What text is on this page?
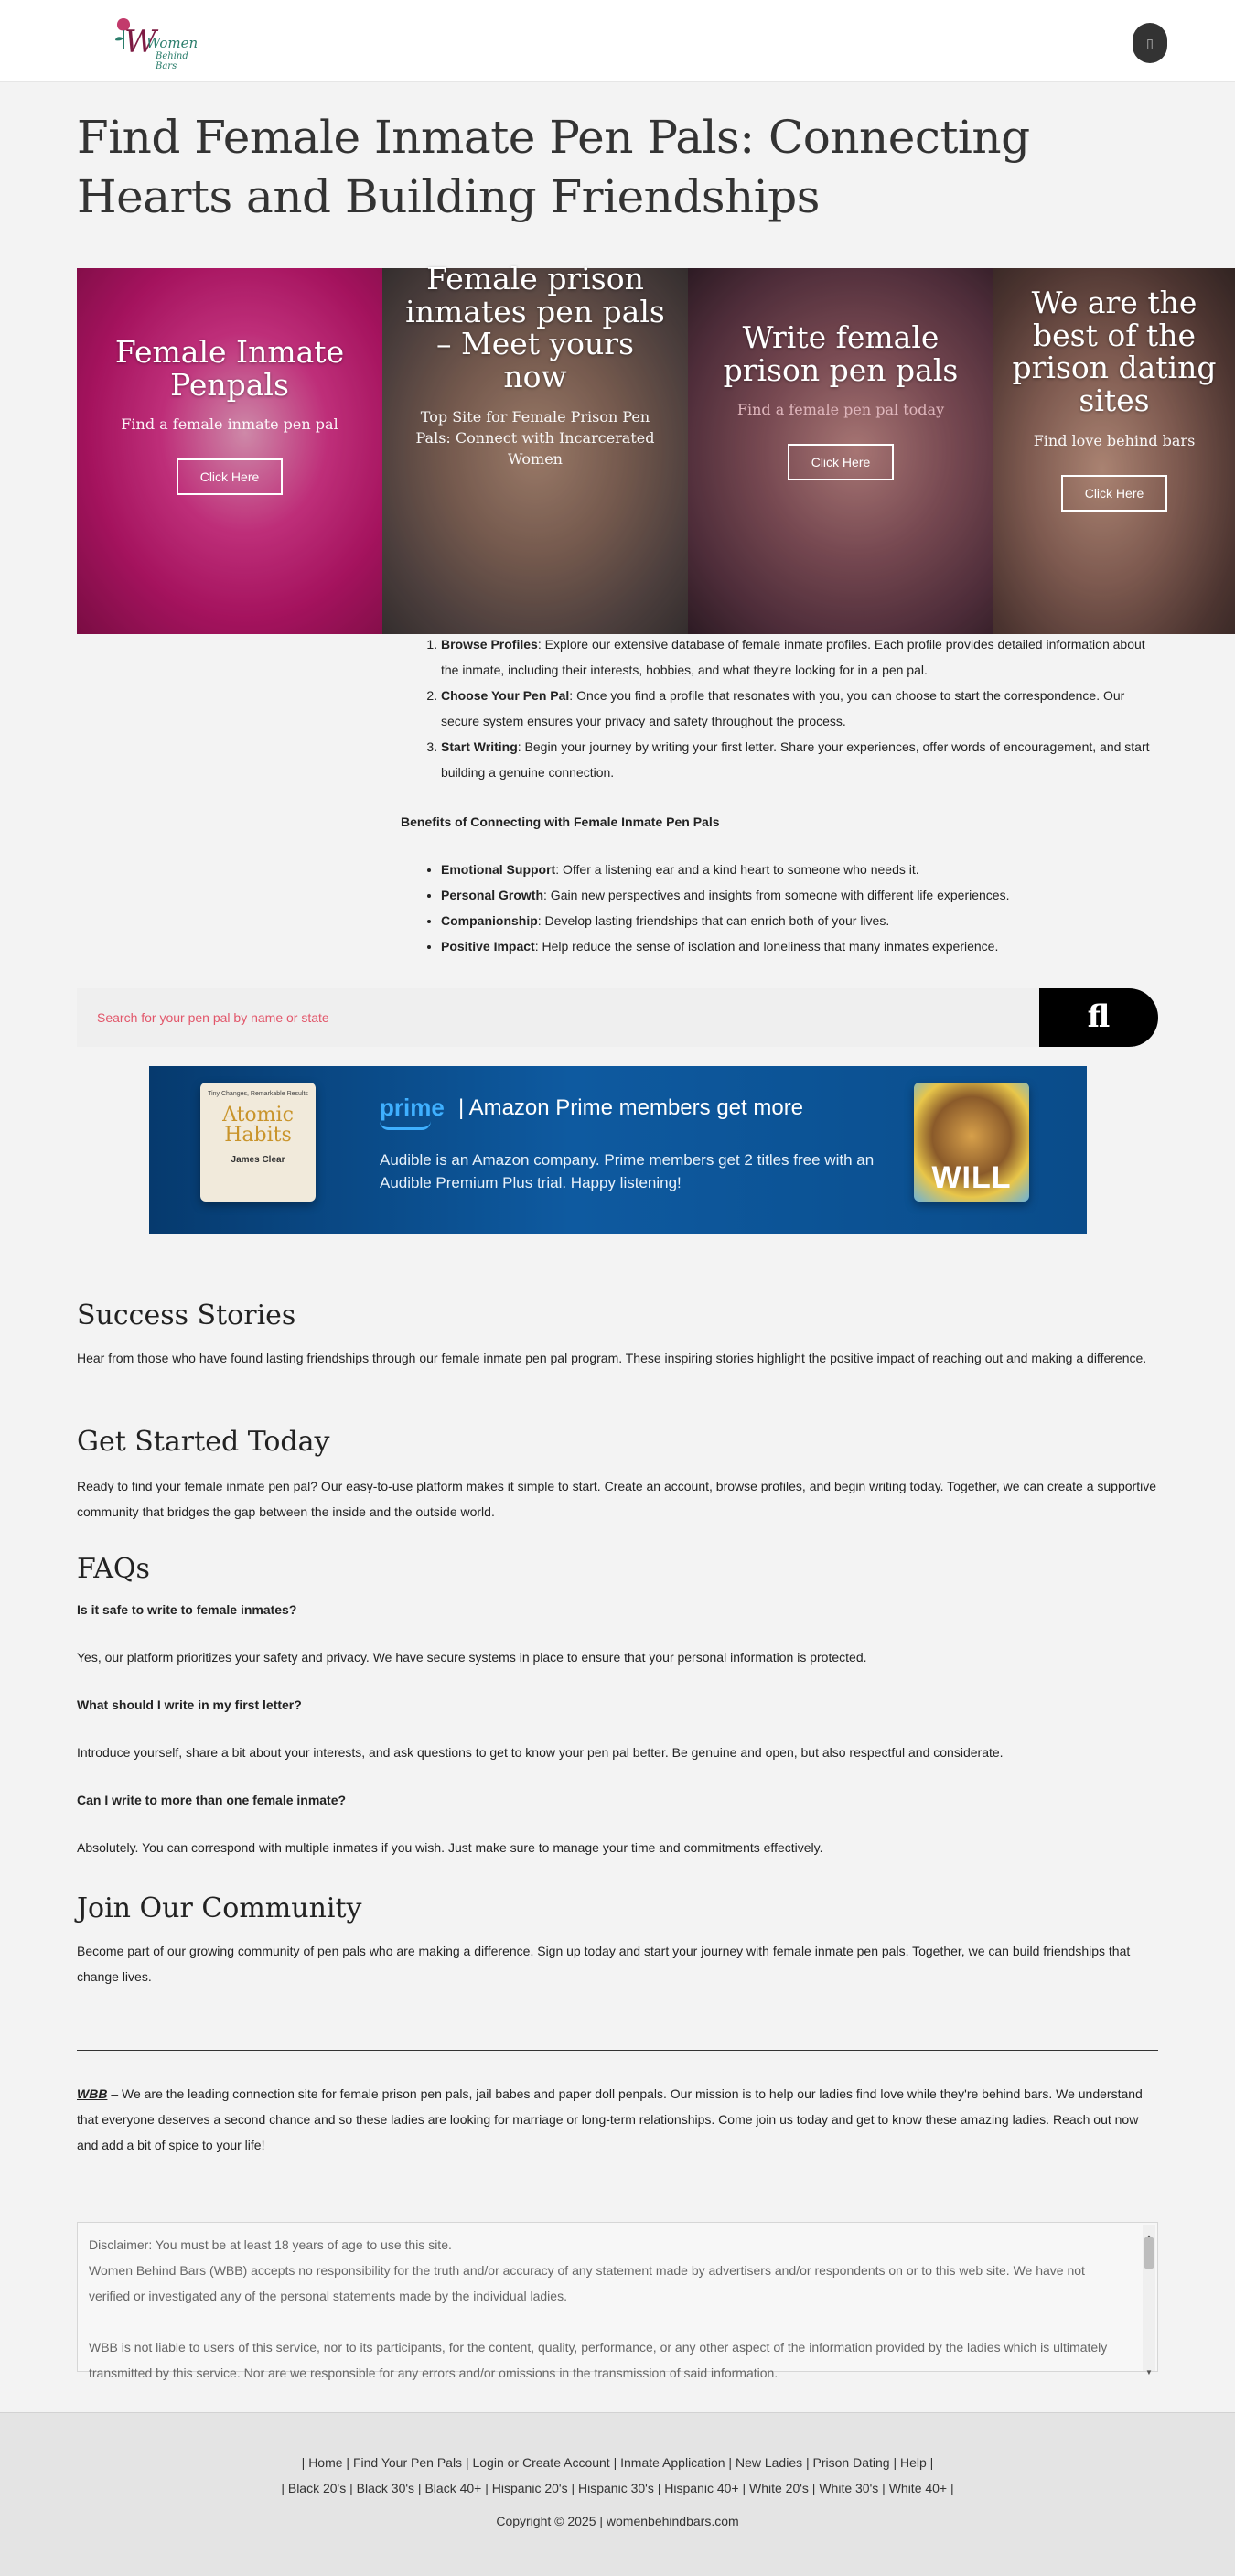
W
Women
Behind Bars
▯
Find Female Inmate Pen Pals: Connecting Hearts and Building Friendships
Female Inmate Penpals

Find a female inmate pen pal

Click Here
Female prison inmates pen pals – Meet yours now

Top Site for Female Prison Pen Pals: Connect with Incarcerated Women

Write female prison pen pals

Find a female pen pal today

Click Here
We are the best of the prison dating sites

Find love behind bars

Click Here
1. Browse Profiles: Explore our extensive database of female inmate profiles. Each profile provides detailed information about the inmate, including their interests, hobbies, and what they're looking for in a pen pal.
2. Choose Your Pen Pal: Once you find a profile that resonates with you, you can choose to start the correspondence. Our secure system ensures your privacy and safety throughout the process.
3. Start Writing: Begin your journey by writing your first letter. Share your experiences, offer words of encouragement, and start building a genuine connection.
Benefits of Connecting with Female Inmate Pen Pals
• Emotional Support: Offer a listening ear and a kind heart to someone who needs it.
• Personal Growth: Gain new perspectives and insights from someone with different life experiences.
• Companionship: Develop lasting friendships that can enrich both of your lives.
• Positive Impact: Help reduce the sense of isolation and loneliness that many inmates experience.
Search for your pen pal by name or state
fl
Tiny Changes, Remarkable Results
Atomic Habits
James Clear
prime | Amazon Prime members get more
Audible is an Amazon company. Prime members get 2 titles free with an Audible Premium Plus trial. Happy listening!	WILL
Success Stories

Hear from those who have found lasting friendships through our female inmate pen pal program. These inspiring stories highlight the positive impact of reaching out and making a difference.

Get Started Today

Ready to find your female inmate pen pal? Our easy-to-use platform makes it simple to start. Create an account, browse profiles, and begin writing today. Together, we can create a supportive community that bridges the gap between the inside and the outside world.

FAQs
Is it safe to write to female inmates?
Yes, our platform prioritizes your safety and privacy. We have secure systems in place to ensure that your personal information is protected.
What should I write in my first letter?
Introduce yourself, share a bit about your interests, and ask questions to get to know your pen pal better. Be genuine and open, but also respectful and considerate.
Can I write to more than one female inmate?
Absolutely. You can correspond with multiple inmates if you wish. Just make sure to manage your time and commitments effectively.
Join Our Community

Become part of our growing community of pen pals who are making a difference. Sign up today and start your journey with female inmate pen pals. Together, we can build friendships that change lives.

WBB – We are the leading connection site for female prison pen pals, jail babes and paper doll penpals. Our mission is to help our ladies find love while they're behind bars. We understand that everyone deserves a second chance and so these ladies are looking for marriage or long-term relationships. Come join us today and get to know these amazing ladies. Reach out now and add a bit of spice to your life!

Disclaimer: You must be at least 18 years of age to use this site.

Women Behind Bars (WBB) accepts no responsibility for the truth and/or accuracy of any statement made by advertisers and/or respondents on or to this web site. We have not verified or investigated any of the personal statements made by the individual ladies.

WBB is not liable to users of this service, nor to its participants, for the content, quality, performance, or any other aspect of the information provided by the ladies which is ultimately transmitted by this service. Nor are we responsible for any errors and/or omissions in the transmission of said information.	▼
| Home | Find Your Pen Pals | Login or Create Account | Inmate Application | New Ladies | Prison Dating | Help |
| Black 20's | Black 30's | Black 40+ | Hispanic 20's | Hispanic 30's | Hispanic 40+ | White 20's | White 30's | White 40+ |
Copyright © 2025 | womenbehindbars.com
